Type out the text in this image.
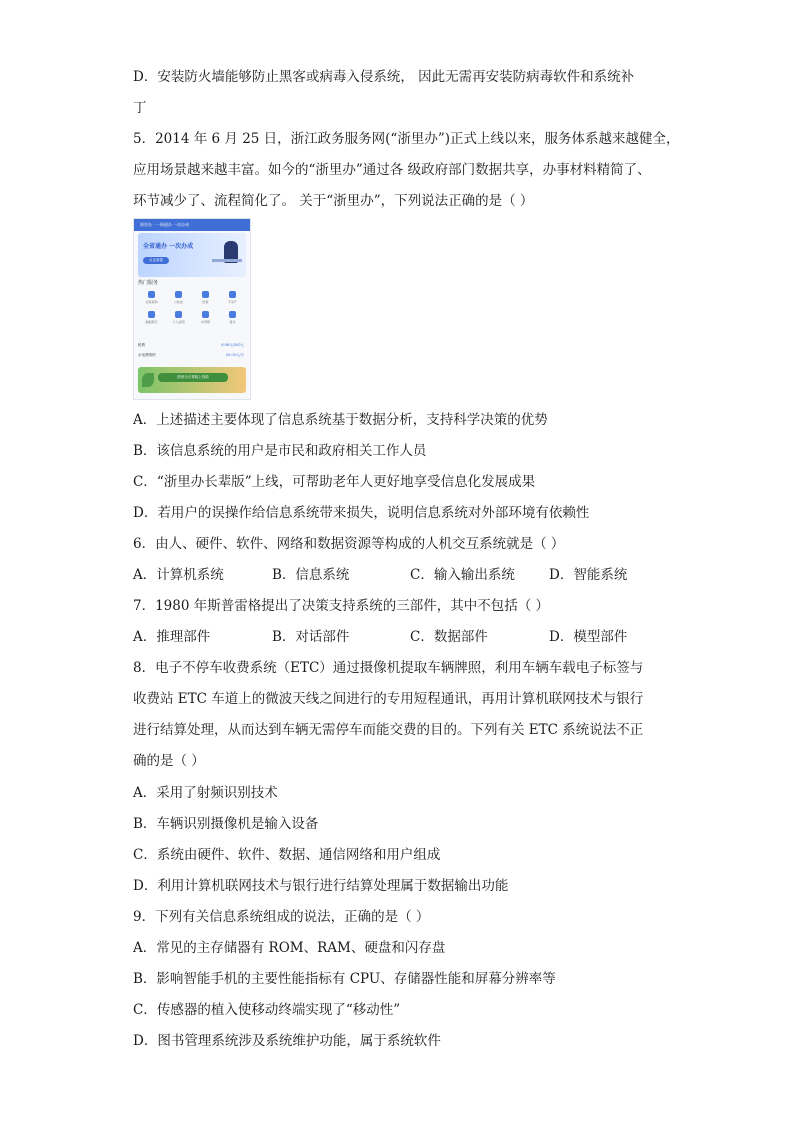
D．安装防火墙能够防止黑客或病毒入侵系统， 因此无需再安装防病毒软件和系统补
丁
5．2014 年 6 月 25 日，浙江政务服务网(“浙里办”)正式上线以来，服务体系越来越健全，
应用场景越来越丰富。如今的“浙里办”通过各 级政府部门数据共享，办事材料精简了、
环节减少了、流程简化了。 关于“浙里办”，下列说法正确的是（ ）
浙里办 · 一网通办 一次办成
全省通办 一次办成
点击查看
热门服务
社保查询	公积金	医保	不动产
婚姻登记	个人证明	车驾管	更多
税费	6.98元/500元
水电费缴纳	45.00元/月
浙里办长辈版上线啦
A．上述描述主要体现了信息系统基于数据分析，支持科学决策的优势
B．该信息系统的用户是市民和政府相关工作人员
C．“浙里办长辈版”上线，可帮助老年人更好地享受信息化发展成果
D．若用户的误操作给信息系统带来损失，说明信息系统对外部环境有依赖性
6．由人、硬件、软件、网络和数据资源等构成的人机交互系统就是（ ）
A．计算机系统	B．信息系统	C．输入输出系统	D．智能系统
7．1980 年斯普雷格提出了决策支持系统的三部件，其中不包括（ ）
A．推理部件	B．对话部件	C．数据部件	D．模型部件
8．电子不停车收费系统（ETC）通过摄像机提取车辆牌照，利用车辆车载电子标签与
收费站 ETC 车道上的微波天线之间进行的专用短程通讯，再用计算机联网技术与银行
进行结算处理，从而达到车辆无需停车而能交费的目的。下列有关 ETC 系统说法不正
确的是（ ）
A．采用了射频识别技术
B．车辆识别摄像机是输入设备
C．系统由硬件、软件、数据、通信网络和用户组成
D．利用计算机联网技术与银行进行结算处理属于数据输出功能
9．下列有关信息系统组成的说法，正确的是（ ）
A．常见的主存储器有 ROM、RAM、硬盘和闪存盘
B．影响智能手机的主要性能指标有 CPU、存储器性能和屏幕分辨率等
C．传感器的植入使移动终端实现了“移动性”
D．图书管理系统涉及系统维护功能，属于系统软件
